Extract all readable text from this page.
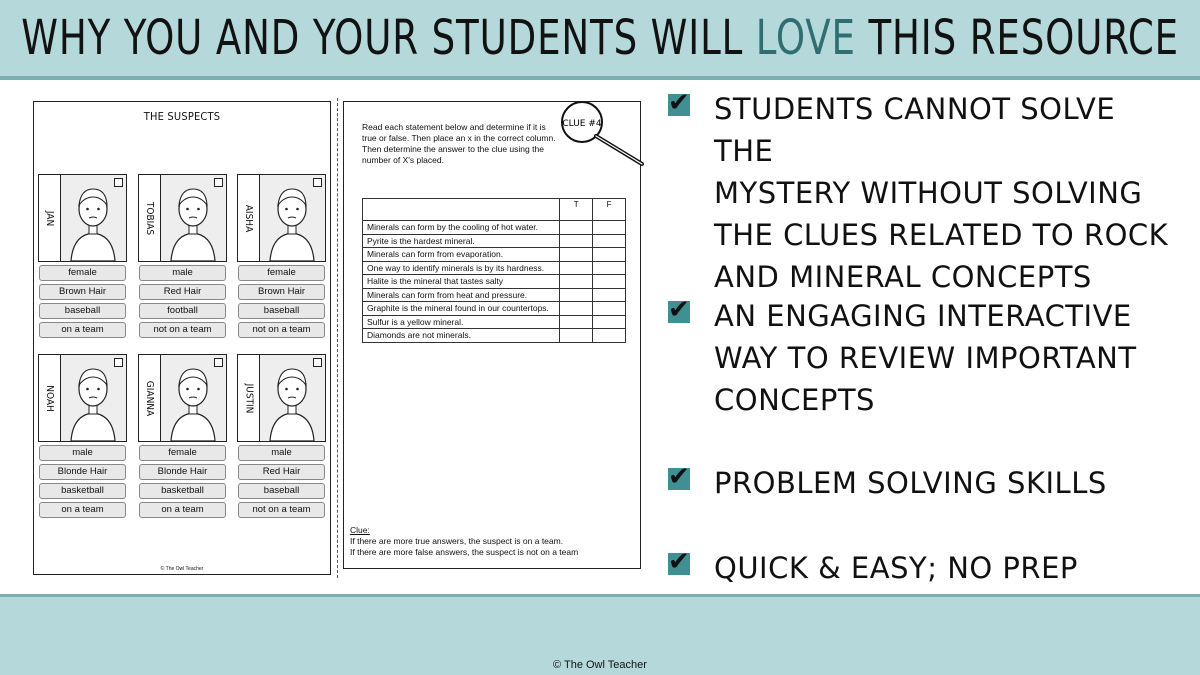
WHY YOU AND YOUR STUDENTS WILL LOVE THIS RESOURCE
THE SUSPECTS
JAN
female
Brown Hair
baseball
on a team
TOBIAS
male
Red Hair
football
not on a team
AISHA
female
Brown Hair
baseball
not on a team
NOAH
male
Blonde Hair
basketball
on a team
GIANNA
female
Blonde Hair
basketball
on a team
JUSTIN
male
Red Hair
baseball
not on a team
© The Owl Teacher
Read each statement below and determine if it is true or false. Then place an x in the correct column. Then determine the answer to the clue using the number of X's placed.
CLUE #4
	T	F
Minerals can form by the cooling of hot water.		
Pyrite is the hardest mineral.		
Minerals can form from evaporation.		
One way to identify minerals is by its hardness.		
Halite is the mineral that tastes salty		
Minerals can form from heat and pressure.		
Graphite is the mineral found in our countertops.		
Sulfur is a yellow mineral.		
Diamonds are not minerals.		
Clue:
If there are more true answers, the suspect is on a team.
If there are more false answers, the suspect is not on a team
✔
STUDENTS CANNOT SOLVE THE
MYSTERY WITHOUT SOLVING
THE CLUES RELATED TO ROCK
AND MINERAL CONCEPTS
✔
AN ENGAGING INTERACTIVE
WAY TO REVIEW IMPORTANT
CONCEPTS
✔
PROBLEM SOLVING SKILLS
✔
QUICK & EASY; NO PREP
© The Owl Teacher
